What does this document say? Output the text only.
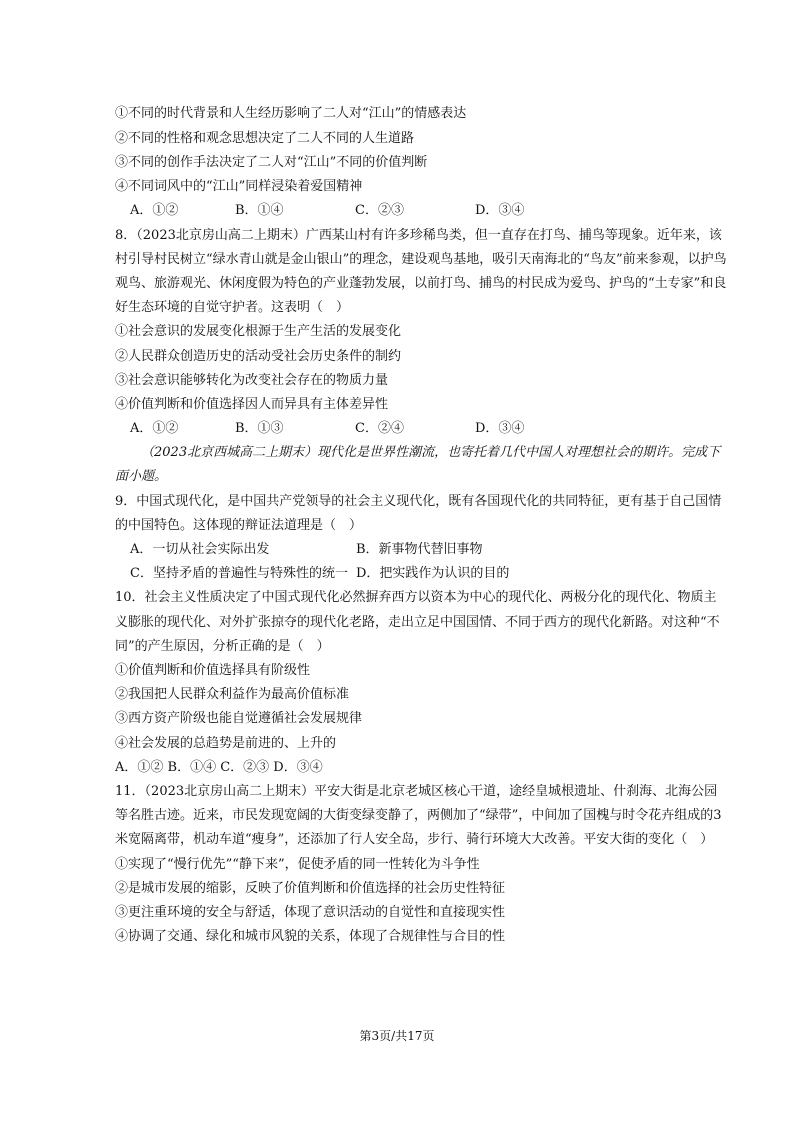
①不同的时代背景和人生经历影响了二人对“江山”的情感表达
②不同的性格和观念思想决定了二人不同的人生道路
③不同的创作手法决定了二人对“江山”不同的价值判断
④不同词风中的“江山”同样浸染着爱国精神
A．①②	B．①④	C．②③	D．③④
8．（2023北京房山高二上期末）广西某山村有许多珍稀鸟类，但一直存在打鸟、捕鸟等现象。近年来，该
村引导村民树立“绿水青山就是金山银山”的理念，建设观鸟基地，吸引天南海北的“鸟友”前来参观，以护鸟
观鸟、旅游观光、休闲度假为特色的产业蓬勃发展，以前打鸟、捕鸟的村民成为爱鸟、护鸟的“土专家”和良
好生态环境的自觉守护者。这表明（　）
①社会意识的发展变化根源于生产生活的发展变化
②人民群众创造历史的活动受社会历史条件的制约
③社会意识能够转化为改变社会存在的物质力量
④价值判断和价值选择因人而异具有主体差异性
A．①②	B．①③	C．②④	D．③④
（2023北京西城高二上期末）现代化是世界性潮流，也寄托着几代中国人对理想社会的期许。完成下
面小题。
9．中国式现代化，是中国共产党领导的社会主义现代化，既有各国现代化的共同特征，更有基于自己国情
的中国特色。这体现的辩证法道理是（　）
A．一切从社会实际出发	B．新事物代替旧事物
C．坚持矛盾的普遍性与特殊性的统一 D．把实践作为认识的目的
10．社会主义性质决定了中国式现代化必然摒弃西方以资本为中心的现代化、两极分化的现代化、物质主
义膨胀的现代化、对外扩张掠夺的现代化老路，走出立足中国国情、不同于西方的现代化新路。对这种“不
同”的产生原因，分析正确的是（　）
①价值判断和价值选择具有阶级性
②我国把人民群众利益作为最高价值标准
③西方资产阶级也能自觉遵循社会发展规律
④社会发展的总趋势是前进的、上升的
A．①② B．①④ C．②③ D．③④
11．（2023北京房山高二上期末）平安大街是北京老城区核心干道，途经皇城根遗址、什刹海、北海公园
等名胜古迹。近来，市民发现宽阔的大街变绿变静了，两侧加了“绿带”，中间加了国槐与时令花卉组成的3
米宽隔离带，机动车道“瘦身”，还添加了行人安全岛，步行、骑行环境大大改善。平安大街的变化（　）
①实现了“慢行优先”“静下来”，促使矛盾的同一性转化为斗争性
②是城市发展的缩影，反映了价值判断和价值选择的社会历史性特征
③更注重环境的安全与舒适，体现了意识活动的自觉性和直接现实性
④协调了交通、绿化和城市风貌的关系，体现了合规律性与合目的性
第3页/共17页
